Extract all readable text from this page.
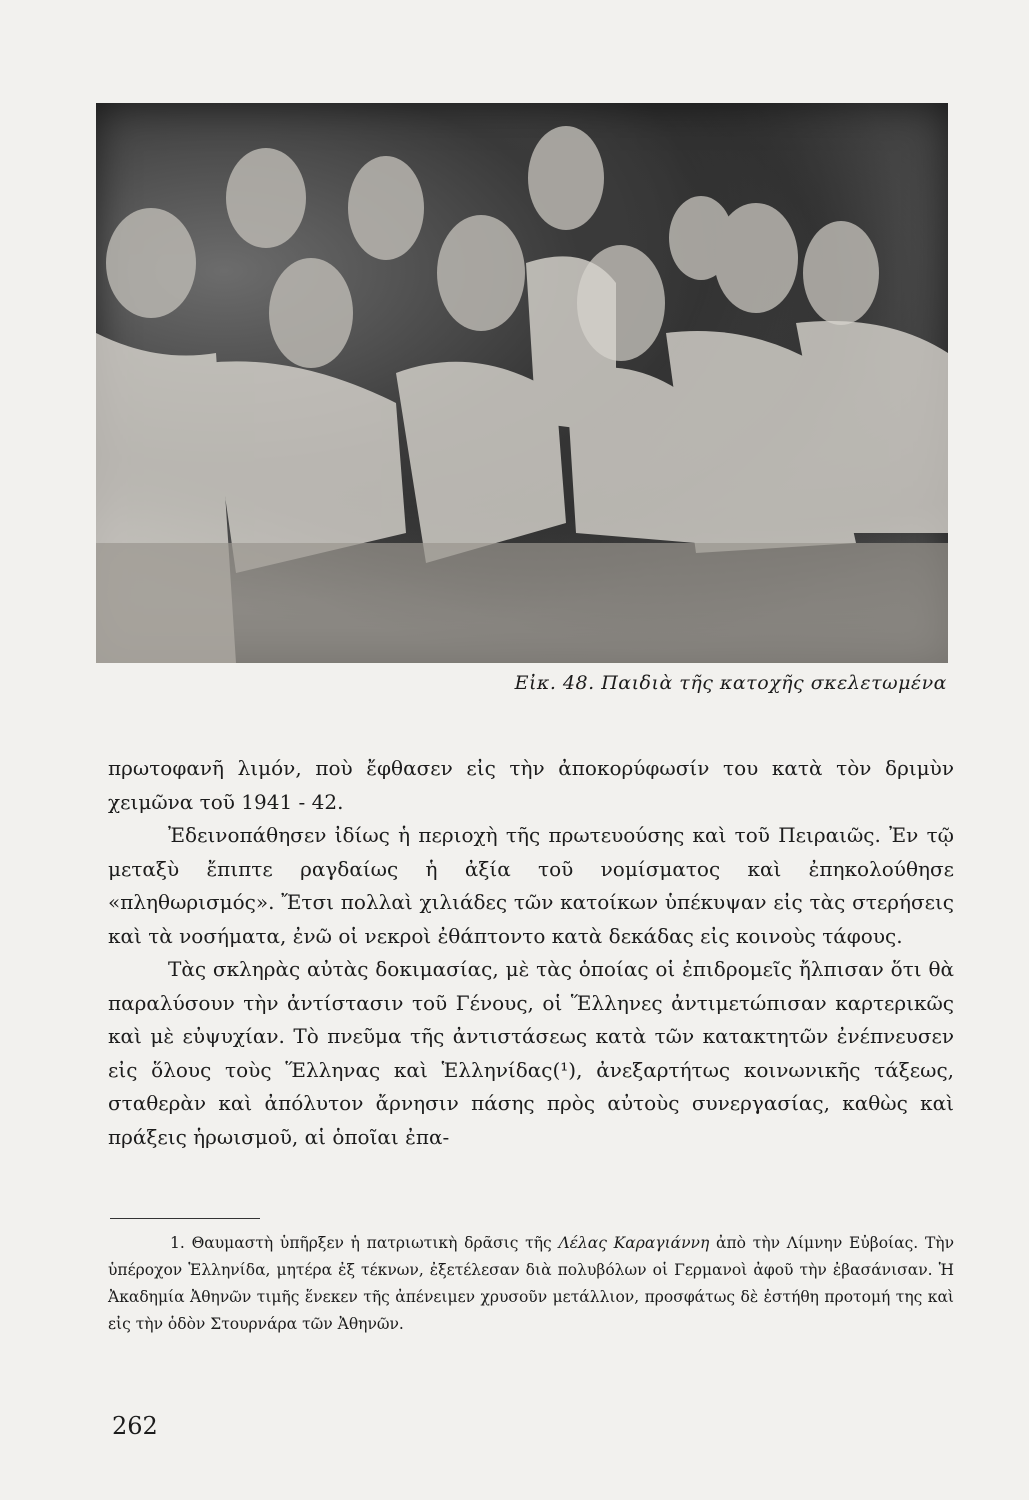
Εἰκ. 48. Παιδιὰ τῆς κατοχῆς σκελετωμένα

πρωτοφανῆ λιμόν, ποὺ ἔφθασεν εἰς τὴν ἀποκορύφωσίν του κατὰ τὸν δριμὺν χειμῶνα τοῦ 1941 - 42.

Ἐδεινοπάθησεν ἰδίως ἡ περιοχὴ τῆς πρωτευούσης καὶ τοῦ Πειραιῶς. Ἐν τῷ μεταξὺ ἔπιπτε ραγδαίως ἡ ἀξία τοῦ νομίσματος καὶ ἐπηκολούθησε «πληθωρισμός». Ἔτσι πολλαὶ χιλιάδες τῶν κατοίκων ὑπέκυψαν εἰς τὰς στερήσεις καὶ τὰ νοσήματα, ἐνῶ οἱ νεκροὶ ἐθάπτοντο κατὰ δεκάδας εἰς κοινοὺς τάφους.

Τὰς σκληρὰς αὐτὰς δοκιμασίας, μὲ τὰς ὁποίας οἱ ἐπιδρομεῖς ἤλπισαν ὅτι θὰ παραλύσουν τὴν ἀντίστασιν τοῦ Γένους, οἱ Ἕλληνες ἀντιμετώπισαν καρτερικῶς καὶ μὲ εὐψυχίαν. Τὸ πνεῦμα τῆς ἀντιστάσεως κατὰ τῶν κατακτητῶν ἐνέπνευσεν εἰς ὅλους τοὺς Ἕλληνας καὶ Ἑλληνίδας(¹), ἀνεξαρτήτως κοινωνικῆς τάξεως, σταθερὰν καὶ ἀπόλυτον ἄρνησιν πάσης πρὸς αὐτοὺς συνεργασίας, καθὼς καὶ πράξεις ἡρωισμοῦ, αἱ ὁποῖαι ἐπα-

1. Θαυμαστὴ ὑπῆρξεν ἡ πατριωτικὴ δρᾶσις τῆς Λέλας Καραγιάννη ἀπὸ τὴν Λίμνην Εὐβοίας. Τὴν ὑπέροχον Ἑλληνίδα, μητέρα ἐξ τέκνων, ἐξετέλεσαν διὰ πολυβόλων οἱ Γερμανοὶ ἀφοῦ τὴν ἐβασάνισαν. Ἡ Ἀκαδημία Ἀθηνῶν τιμῆς ἕνεκεν τῆς ἀπένειμεν χρυσοῦν μετάλλιον, προσφάτως δὲ ἐστήθη προτομή της καὶ εἰς τὴν ὁδὸν Στουρνάρα τῶν Ἀθηνῶν.

262
